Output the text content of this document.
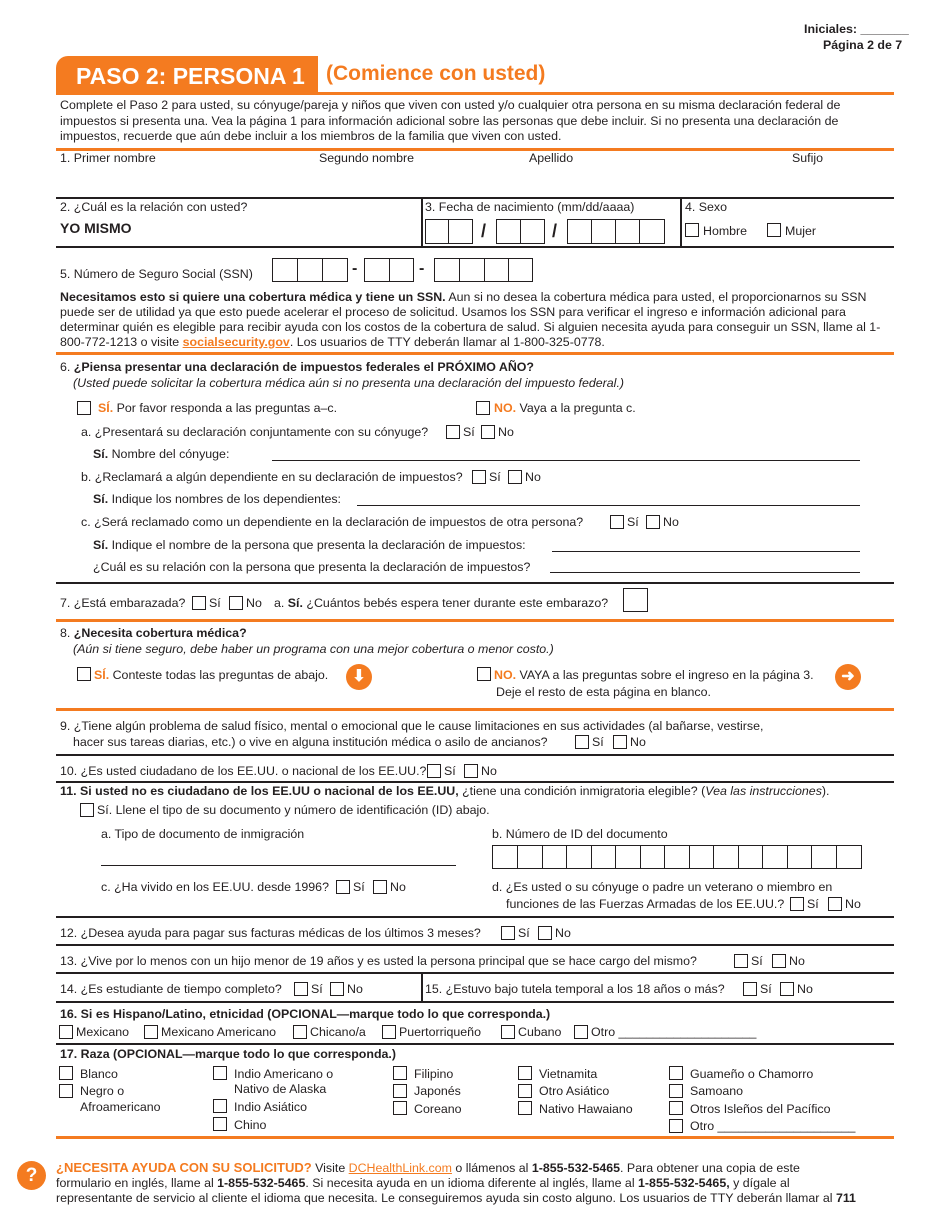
Iniciales: _______
Página 2 de 7
PASO 2: PERSONA 1	(Comience con usted)
Complete el Paso 2 para usted, su cónyuge/pareja y niños que viven con usted y/o cualquier otra persona en su misma declaración federal de impuestos si presenta una. Vea la página 1 para información adicional sobre las personas que debe incluir. Si no presenta una declaración de impuestos, recuerde que aún debe incluir a los miembros de la familia que viven con usted.
1. Primer nombre	Segundo nombre	Apellido	Sufijo
2. ¿Cuál es la relación con usted?
YO MISMO
3. Fecha de nacimiento (mm/dd/aaaa)
/	/
4. Sexo
Hombre	Mujer
5. Número de Seguro Social (SSN)	-	-
Necesitamos esto si quiere una cobertura médica y tiene un SSN. Aun si no desea la cobertura médica para usted, el proporcionarnos su SSN puede ser de utilidad ya que esto puede acelerar el proceso de solicitud. Usamos los SSN para verificar el ingreso e información adicional para determinar quién es elegible para recibir ayuda con los costos de la cobertura de salud. Si alguien necesita ayuda para conseguir un SSN, llame al 1-800-772-1213 o visite socialsecurity.gov. Los usuarios de TTY deberán llamar al 1-800-325-0778.
6. ¿Piensa presentar una declaración de impuestos federales el PRÓXIMO AÑO?
(Usted puede solicitar la cobertura médica aún si no presenta una declaración del impuesto federal.)
SÍ. Por favor responda a las preguntas a–c.	NO. Vaya a la pregunta c.
a. ¿Presentará su declaración conjuntamente con su cónyuge?	Sí No
Sí. Nombre del cónyuge:
b. ¿Reclamará a algún dependiente en su declaración de impuestos? Sí No
Sí. Indique los nombres de los dependientes:
c. ¿Será reclamado como un dependiente en la declaración de impuestos de otra persona?	Sí No
Sí. Indique el nombre de la persona que presenta la declaración de impuestos:
¿Cuál es su relación con la persona que presenta la declaración de impuestos?
7. ¿Está embarazada? Sí No a. Sí. ¿Cuántos bebés espera tener durante este embarazo?
8. ¿Necesita cobertura médica?
(Aún si tiene seguro, debe haber un programa con una mejor cobertura o menor costo.)
SÍ. Conteste todas las preguntas de abajo.	⬇	NO. VAYA a las preguntas sobre el ingreso en la página 3.
Deje el resto de esta página en blanco.
➜
9. ¿Tiene algún problema de salud físico, mental o emocional que le cause limitaciones en sus actividades (al bañarse, vestirse,
hacer sus tareas diarias, etc.) o vive en alguna institución médica o asilo de ancianos?	Sí No
10. ¿Es usted ciudadano de los EE.UU. o nacional de los EE.UU.? Sí No
11. Si usted no es ciudadano de los EE.UU o nacional de los EE.UU, ¿tiene una condición inmigratoria elegible? (Vea las instrucciones).
Sí. Llene el tipo de su documento y número de identificación (ID) abajo.
a. Tipo de documento de inmigración	b. Número de ID del documento
c. ¿Ha vivido en los EE.UU. desde 1996? Sí No	d. ¿Es usted o su cónyuge o padre un veterano o miembro en
funciones de las Fuerzas Armadas de los EE.UU.? Sí No
12. ¿Desea ayuda para pagar sus facturas médicas de los últimos 3 meses?	Sí No
13. ¿Vive por lo menos con un hijo menor de 19 años y es usted la persona principal que se hace cargo del mismo?	Sí No
14. ¿Es estudiante de tiempo completo? Sí No	15. ¿Estuvo bajo tutela temporal a los 18 años o más?	Sí No
16. Si es Hispano/Latino, etnicidad (OPCIONAL—marque todo lo que corresponda.)
Mexicano	Mexicano Americano	Chicano/a	Puertorriqueño	Cubano Otro ____________________
17. Raza (OPCIONAL—marque todo lo que corresponda.)
Blanco
Negro o
Afroamericano
Indio Americano o
Nativo de Alaska
Indio Asiático
Chino
Filipino
Japonés
Coreano
Vietnamita
Otro Asiático
Nativo Hawaiano
Guameño o Chamorro
Samoano
Otros Isleños del Pacífico
Otro ____________________
?	¿NECESITA AYUDA CON SU SOLICITUD? Visite DCHealthLink.com o llámenos al 1-855-532-5465. Para obtener una copia de este
formulario en inglés, llame al 1-855-532-5465. Si necesita ayuda en un idioma diferente al inglés, llame al 1-855-532-5465, y dígale al
representante de servicio al cliente el idioma que necesita. Le conseguiremos ayuda sin costo alguno. Los usuarios de TTY deberán llamar al 711
